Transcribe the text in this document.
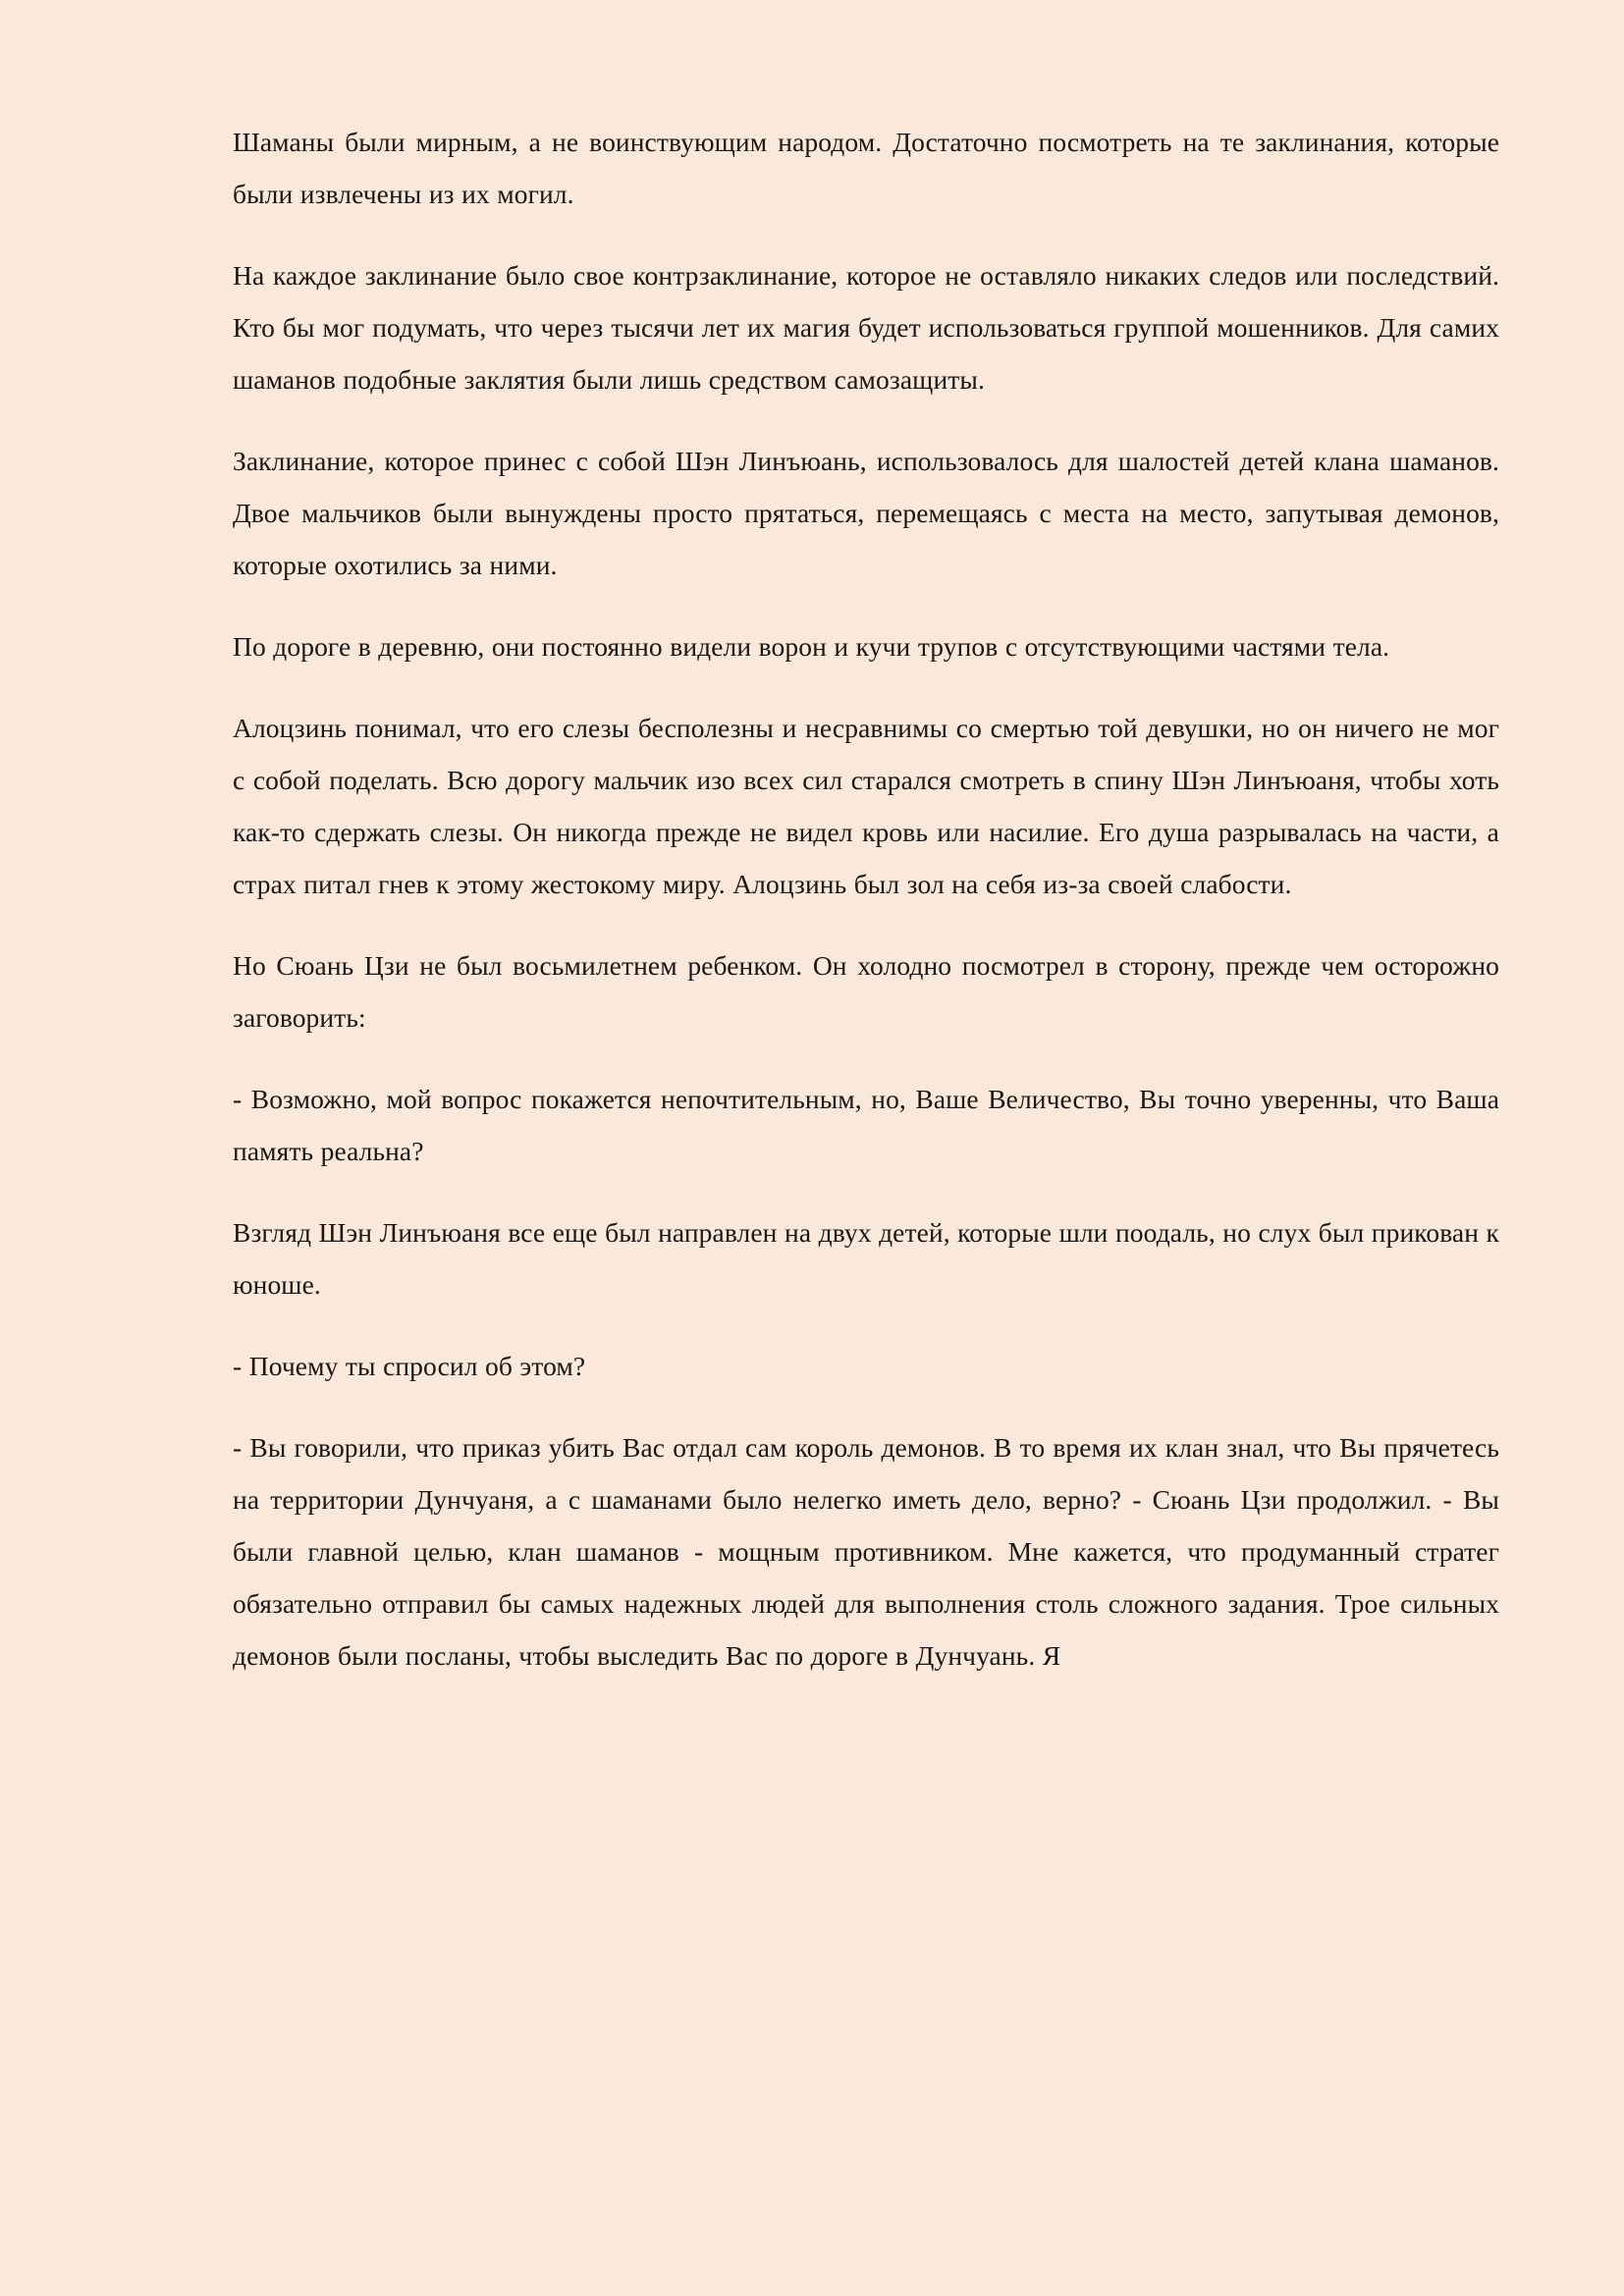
Шаманы были мирным, а не воинствующим народом. Достаточно посмотреть на те заклинания, которые были извлечены из их могил.

На каждое заклинание было свое контрзаклинание, которое не оставляло никаких следов или последствий. Кто бы мог подумать, что через тысячи лет их магия будет использоваться группой мошенников. Для самих шаманов подобные заклятия были лишь средством самозащиты.

Заклинание, которое принес с собой Шэн Линъюань, использовалось для шалостей детей клана шаманов. Двое мальчиков были вынуждены просто прятаться, перемещаясь с места на место, запутывая демонов, которые охотились за ними.

По дороге в деревню, они постоянно видели ворон и кучи трупов с отсутствующими частями тела.

Алоцзинь понимал, что его слезы бесполезны и несравнимы со смертью той девушки, но он ничего не мог с собой поделать. Всю дорогу мальчик изо всех сил старался смотреть в спину Шэн Линъюаня, чтобы хоть как-то сдержать слезы. Он никогда прежде не видел кровь или насилие. Его душа разрывалась на части, а страх питал гнев к этому жестокому миру. Алоцзинь был зол на себя из-за своей слабости.

Но Сюань Цзи не был восьмилетнем ребенком. Он холодно посмотрел в сторону, прежде чем осторожно заговорить:

- Возможно, мой вопрос покажется непочтительным, но, Ваше Величество, Вы точно уверенны, что Ваша память реальна?

Взгляд Шэн Линъюаня все еще был направлен на двух детей, которые шли поодаль, но слух был прикован к юноше.

- Почему ты спросил об этом?

- Вы говорили, что приказ убить Вас отдал сам король демонов. В то время их клан знал, что Вы прячетесь на территории Дунчуаня, а с шаманами было нелегко иметь дело, верно? - Сюань Цзи продолжил. - Вы были главной целью, клан шаманов - мощным противником. Мне кажется, что продуманный стратег обязательно отправил бы самых надежных людей для выполнения столь сложного задания. Трое сильных демонов были посланы, чтобы выследить Вас по дороге в Дунчуань. Я
